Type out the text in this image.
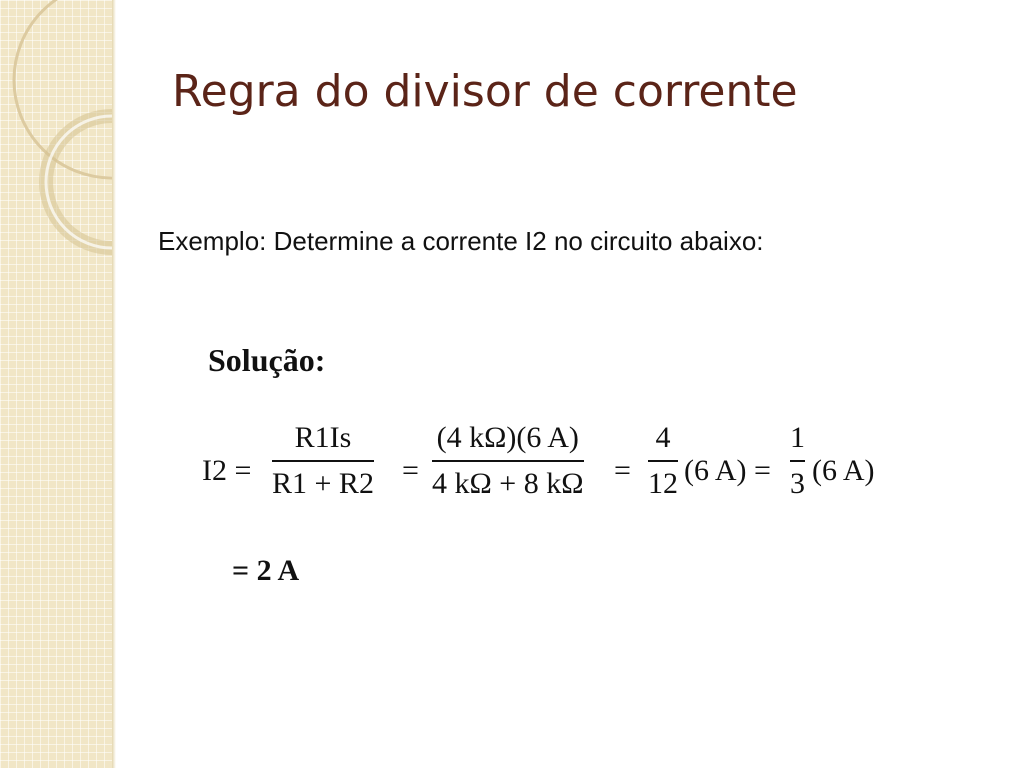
Regra do divisor de corrente
Exemplo: Determine a corrente I2 no circuito abaixo:
Solução:
I2 =
R1Is
R1 + R2 =
(4 kΩ)(6 A)
4 kΩ + 8 kΩ =
4
12 (6 A) =
1
3 (6 A)
= 2 A
